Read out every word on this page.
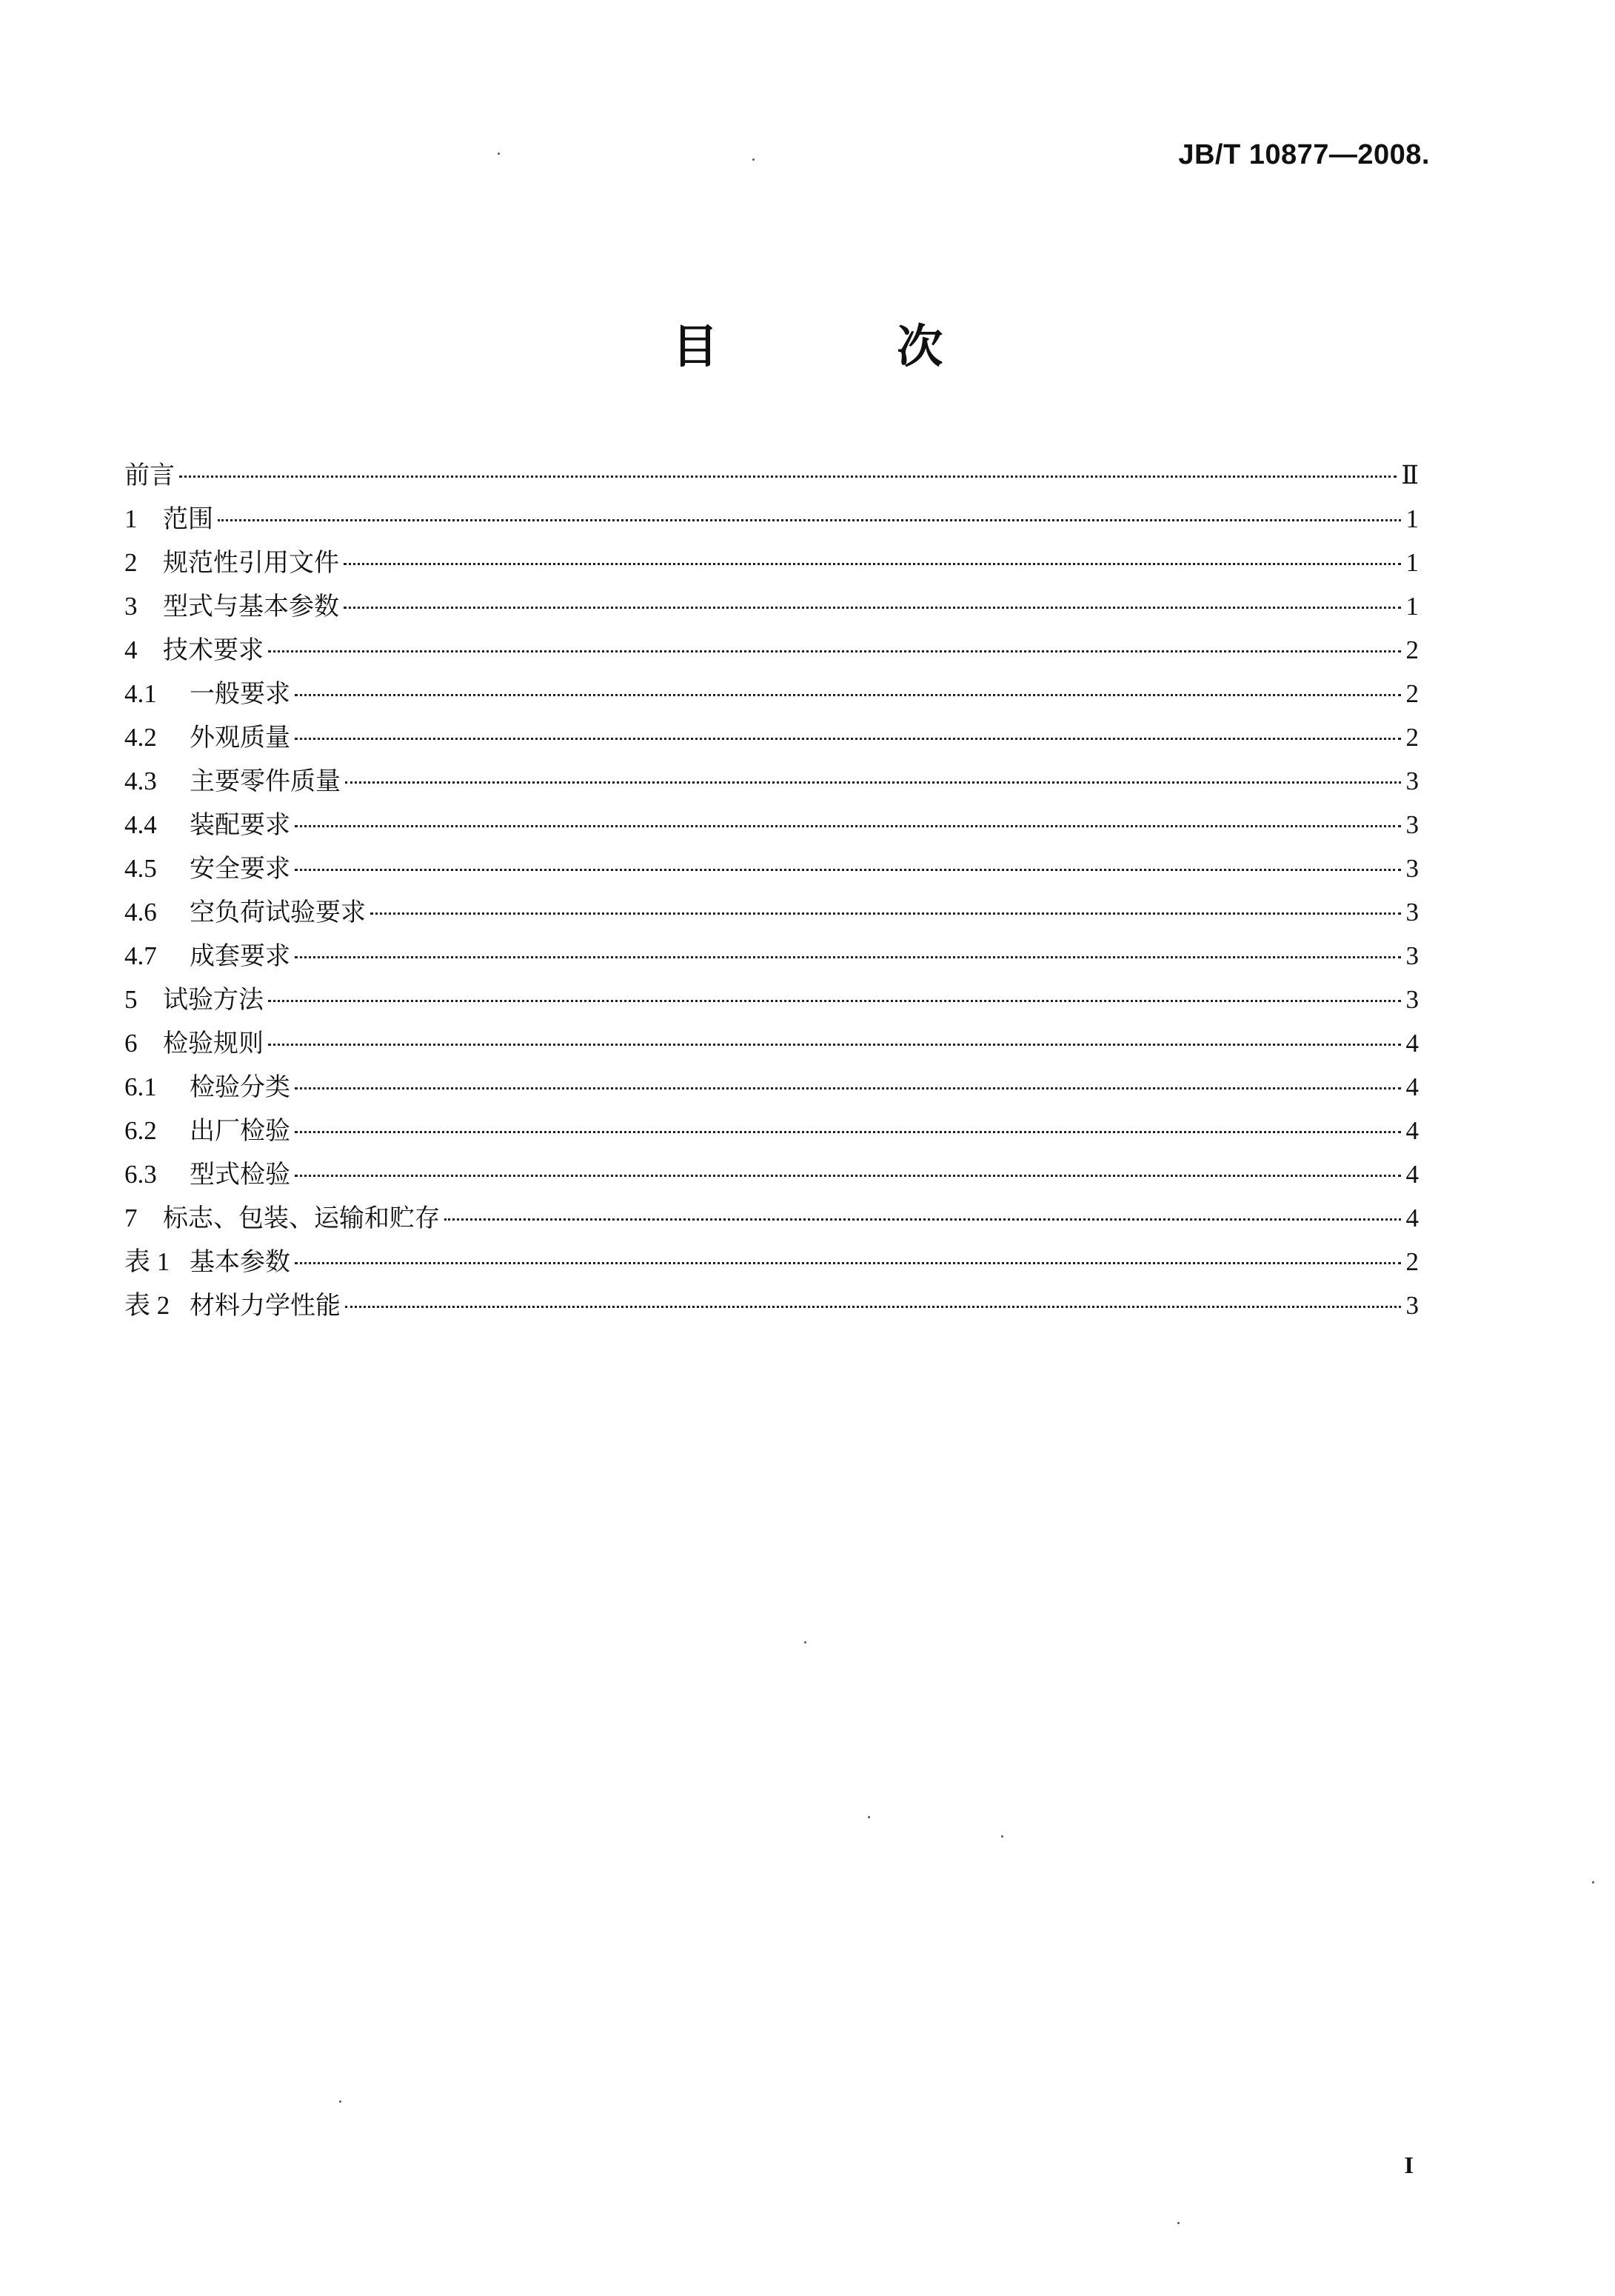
JB/T 10877—2008.
目 次
前言	Ⅱ
1	范围	1
2	规范性引用文件	1
3	型式与基本参数	1
4	技术要求	2
4.1	一般要求	2
4.2	外观质量	2
4.3	主要零件质量	3
4.4	装配要求	3
4.5	安全要求	3
4.6	空负荷试验要求	3
4.7	成套要求	3
5	试验方法	3
6	检验规则	4
6.1	检验分类	4
6.2	出厂检验	4
6.3	型式检验	4
7	标志、包装、运输和贮存	4
表 1 基本参数	2
表 2 材料力学性能	3
I
